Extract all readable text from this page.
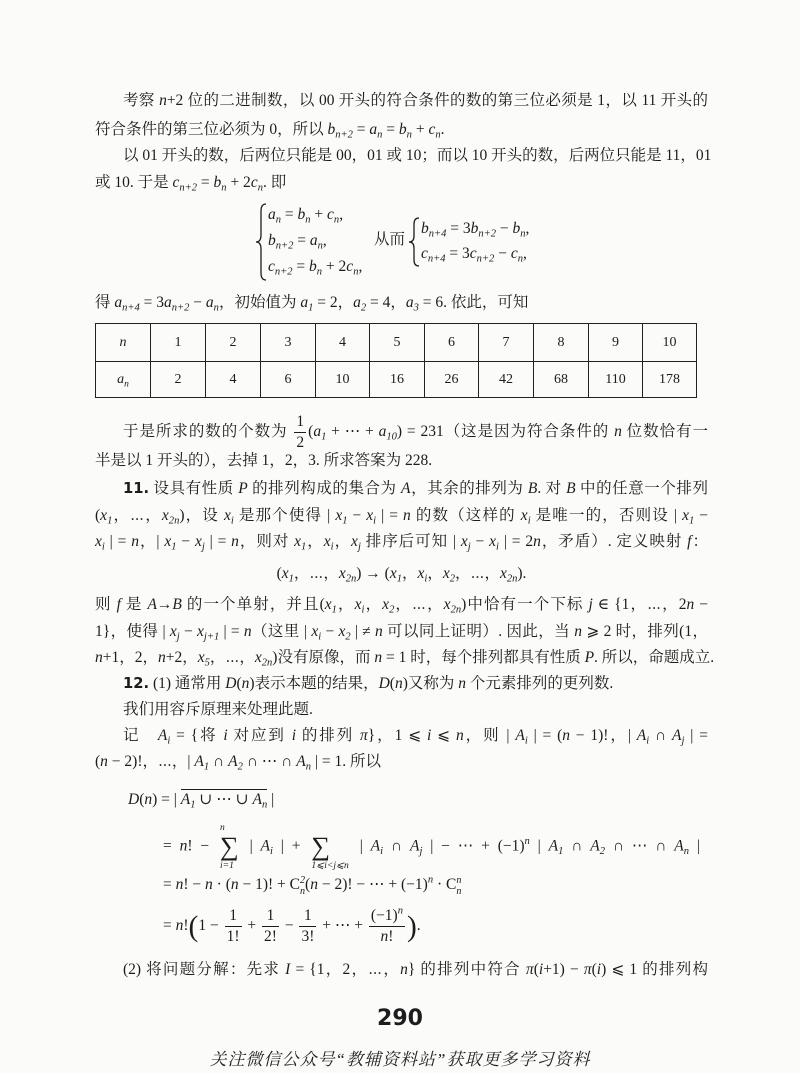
考察 n+2 位的二进制数，以 00 开头的符合条件的数的第三位必须是 1，以 11 开头的
符合条件的第三位必须为 0，所以 $b_{n+2} = a_n = b_n + c_n$.
以 01 开头的数，后两位只能是 00，01 或 10；而以 10 开头的数，后两位只能是 11，01
或 10. 于是 $c_{n+2} = b_n + 2c_n$. 即
$a_n = b_n + c_n$,
$b_{n+2} = a_n$,
$c_{n+2} = b_n + 2c_n$,
从而
$b_{n+4} = 3b_{n+2} - b_n$,
$c_{n+4} = 3c_{n+2} - c_n$,
得 $a_{n+4} = 3a_{n+2} - a_n$，初始值为 $a_1 = 2$，$a_2 = 4$，$a_3 = 6$. 依此，可知
n	1	2	3	4	5	6	7	8	9	10
$a_n$	2	4	6	10	16	26	42	68	110	178
于是所求的数的个数为 $\frac{1}{2} (a_1$ + ⋯ + $a_{10}) = 231$（这是因为符合条件的 n 位数恰有一
半是以 1 开头的），去掉 1，2，3. 所求答案为 228.
11. 设具有性质 P 的排列构成的集合为 A，其余的排列为 B. 对 B 中的任意一个排列
($x_1$，⋯，$x_{2n}$)，设 $x_i$ 是那个使得 | $x_1 - x_i$ | = n 的数（这样的 $x_i$ 是唯一的，否则设 | $x_1$ −
$x_i$ | = n，| $x_1 - x_j$ | = n，则对 $x_1$，$x_i$，$x_j$ 排序后可知 | $x_j - x_i$ | = 2n，矛盾）. 定义映射 f：
($x_1$，⋯，$x_{2n}) \to (x_1$，$x_i$，$x_2$，⋯，$x_{2n}$).
则 f 是 A→B 的一个单射，并且($x_1$，$x_i$，$x_2$，⋯，$x_{2n}$)中恰有一个下标 j ∈ {1，⋯，2n −
1}，使得 | $x_j - x_{j+1}$ | = n（这里 | $x_i - x_2$ | ≠ n 可以同上证明）. 因此，当 n ⩾ 2 时，排列(1，
n+1，2，n+2，$x_5$，⋯，$x_{2n}$)没有原像，而 n = 1 时，每个排列都具有性质 P. 所以，命题成立.
12. (1) 通常用 D(n)表示本题的结果，D(n)又称为 n 个元素排列的更列数.
我们用容斥原理来处理此题.
记　$A_i$ = {将 i 对应到 i 的排列 π}，1 ⩽ i ⩽ n，则 | $A_i$ | = (n − 1)!，| $A_i$ ∩ $A_j$ | =
(n − 2)!，⋯，| $A_1$ ∩ $A_2$ ∩ ⋯ ∩ $A_n$ | = 1. 所以
D(n) = | $A_1$ ∪ ⋯ ∪ $A_n$ |
= n! −
n
∑
i=1
| $A_i$ | + ∑
1⩽i<j⩽n
| $A_i$ ∩ $A_j$ | − ⋯ + $(-1)^n$ | $A_1$ ∩ $A_2$ ∩ ⋯ ∩ $A_n$ |
= n! − n · (n − 1)! + C 2
n (n − 2)! − ⋯ + $(-1)^n \cdot C$ n
n
= $n!(1 - \frac{1}{1!} + \frac{1}{2!} - \frac{1}{3!}$ + ⋯ + $\frac{(-1)^n}{n!}$ ).
(2) 将问题分解：先求 I = {1，2，⋯，n} 的排列中符合 π(i+1) − π(i) ⩽ 1 的排列构
290
关注微信公众号“教辅资料站”获取更多学习资料
